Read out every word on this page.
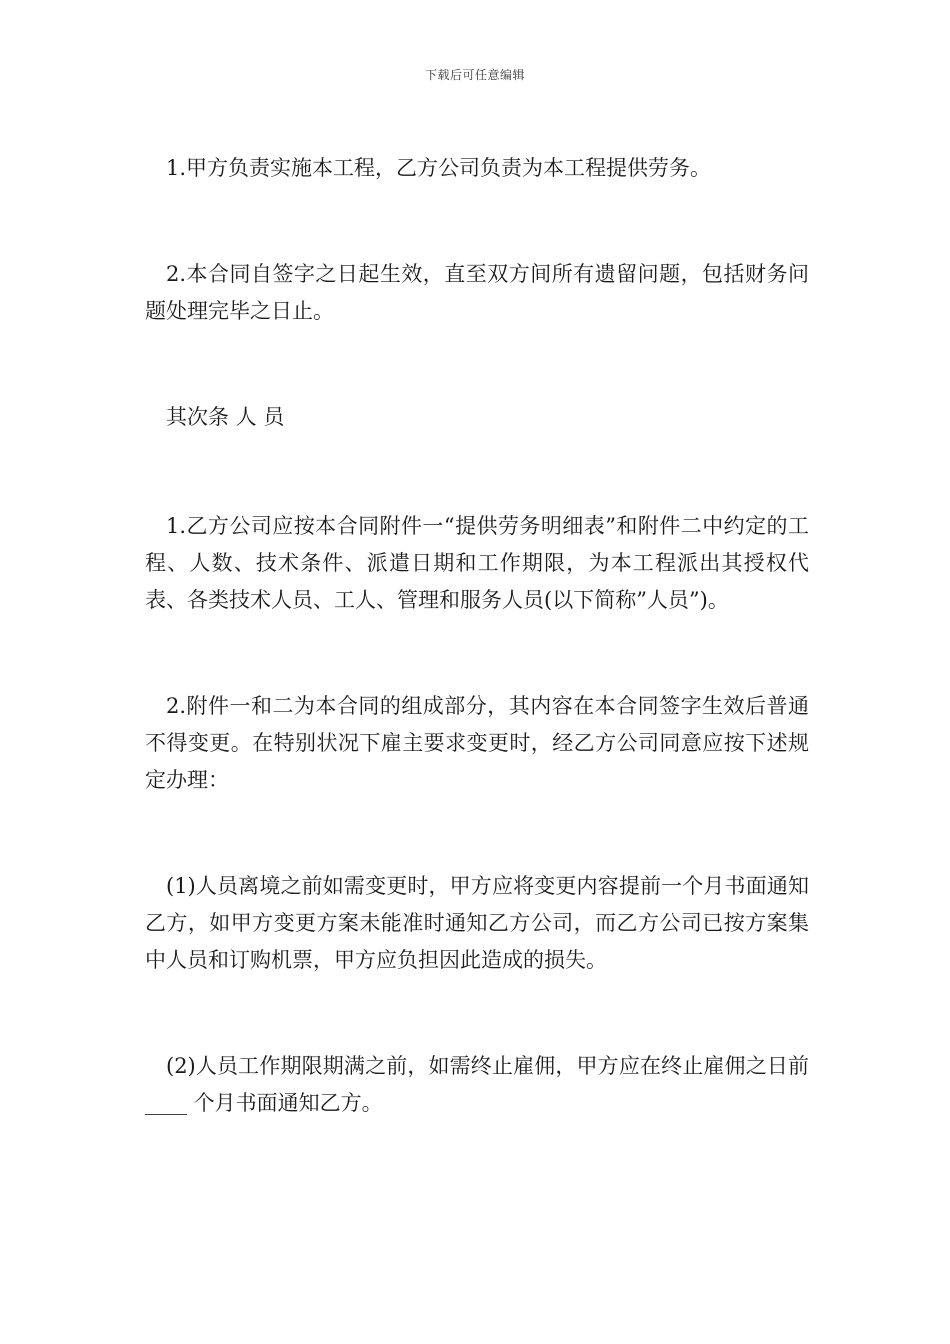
下载后可任意编辑

1.甲方负责实施本工程，乙方公司负责为本工程提供劳务。

2.本合同自签字之日起生效，直至双方间所有遗留问题，包括财务问题处理完毕之日止。

其次条 人 员

1.乙方公司应按本合同附件一“提供劳务明细表”和附件二中约定的工程、人数、技术条件、派遣日期和工作期限，为本工程派出其授权代表、各类技术人员、工人、管理和服务人员(以下简称”人员”)。

2.附件一和二为本合同的组成部分，其内容在本合同签字生效后普通不得变更。在特别状况下雇主要求变更时，经乙方公司同意应按下述规定办理：

(1)人员离境之前如需变更时，甲方应将变更内容提前一个月书面通知乙方，如甲方变更方案未能准时通知乙方公司，而乙方公司已按方案集中人员和订购机票，甲方应负担因此造成的损失。

(2)人员工作期限期满之前，如需终止雇佣，甲方应在终止雇佣之日前____ 个月书面通知乙方。
